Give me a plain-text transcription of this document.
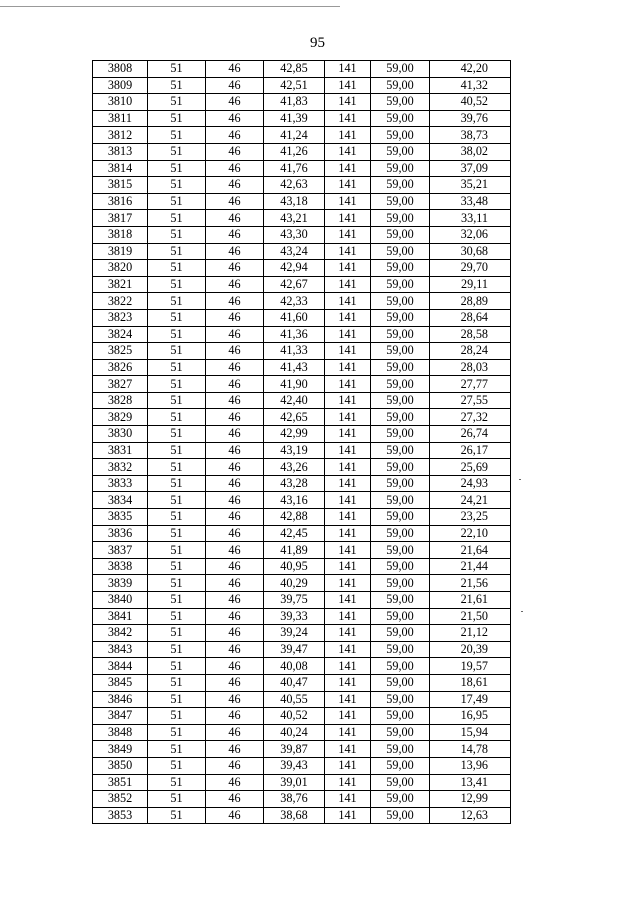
95
3808	51	46	42,85	141	59,00	42,20
3809	51	46	42,51	141	59,00	41,32
3810	51	46	41,83	141	59,00	40,52
3811	51	46	41,39	141	59,00	39,76
3812	51	46	41,24	141	59,00	38,73
3813	51	46	41,26	141	59,00	38,02
3814	51	46	41,76	141	59,00	37,09
3815	51	46	42,63	141	59,00	35,21
3816	51	46	43,18	141	59,00	33,48
3817	51	46	43,21	141	59,00	33,11
3818	51	46	43,30	141	59,00	32,06
3819	51	46	43,24	141	59,00	30,68
3820	51	46	42,94	141	59,00	29,70
3821	51	46	42,67	141	59,00	29,11
3822	51	46	42,33	141	59,00	28,89
3823	51	46	41,60	141	59,00	28,64
3824	51	46	41,36	141	59,00	28,58
3825	51	46	41,33	141	59,00	28,24
3826	51	46	41,43	141	59,00	28,03
3827	51	46	41,90	141	59,00	27,77
3828	51	46	42,40	141	59,00	27,55
3829	51	46	42,65	141	59,00	27,32
3830	51	46	42,99	141	59,00	26,74
3831	51	46	43,19	141	59,00	26,17
3832	51	46	43,26	141	59,00	25,69
3833	51	46	43,28	141	59,00	24,93
3834	51	46	43,16	141	59,00	24,21
3835	51	46	42,88	141	59,00	23,25
3836	51	46	42,45	141	59,00	22,10
3837	51	46	41,89	141	59,00	21,64
3838	51	46	40,95	141	59,00	21,44
3839	51	46	40,29	141	59,00	21,56
3840	51	46	39,75	141	59,00	21,61
3841	51	46	39,33	141	59,00	21,50
3842	51	46	39,24	141	59,00	21,12
3843	51	46	39,47	141	59,00	20,39
3844	51	46	40,08	141	59,00	19,57
3845	51	46	40,47	141	59,00	18,61
3846	51	46	40,55	141	59,00	17,49
3847	51	46	40,52	141	59,00	16,95
3848	51	46	40,24	141	59,00	15,94
3849	51	46	39,87	141	59,00	14,78
3850	51	46	39,43	141	59,00	13,96
3851	51	46	39,01	141	59,00	13,41
3852	51	46	38,76	141	59,00	12,99
3853	51	46	38,68	141	59,00	12,63
